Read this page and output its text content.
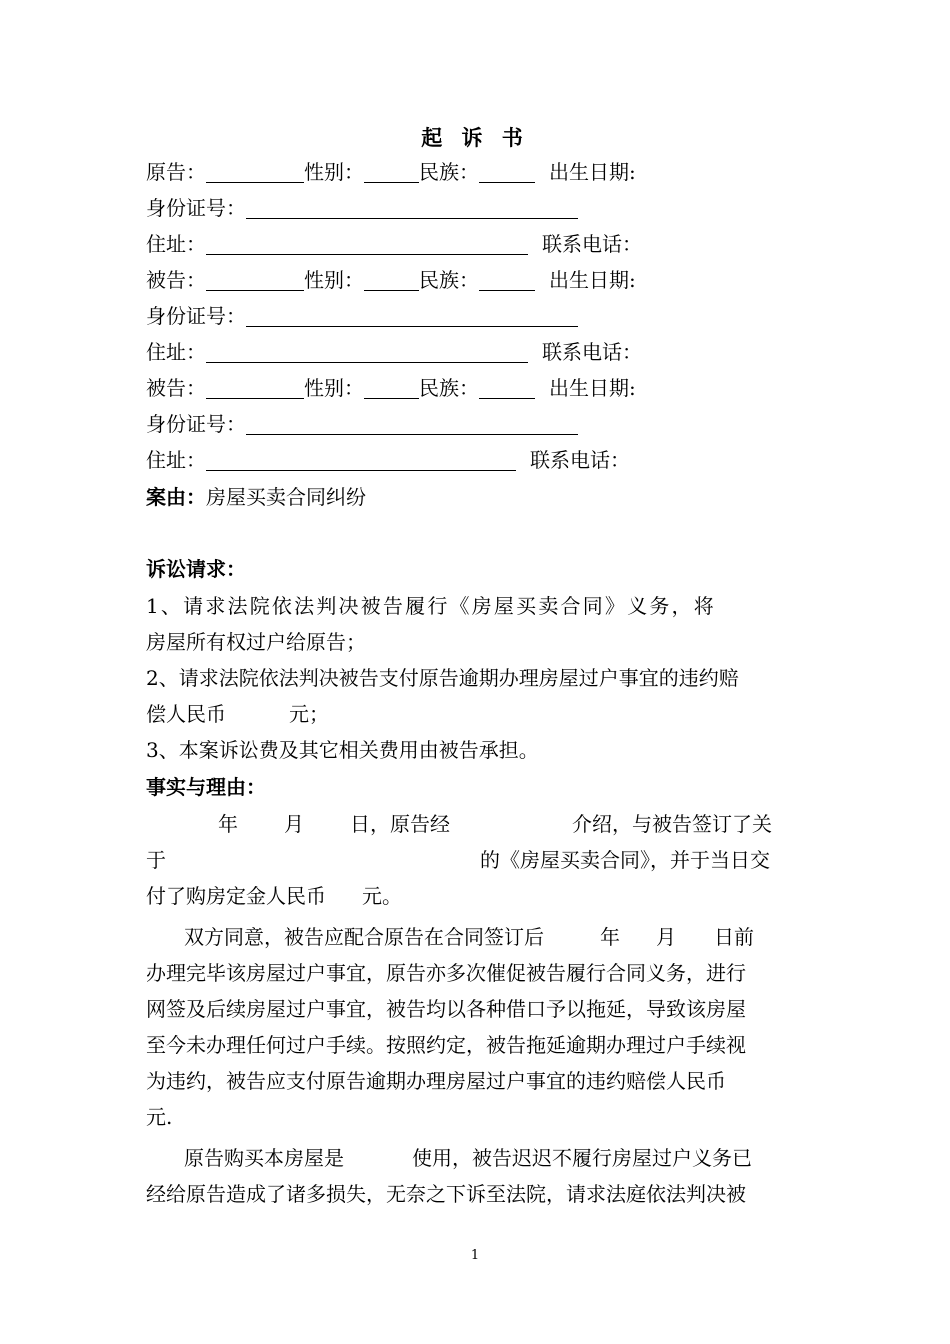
起 诉 书
原告：	性别：	民族：	出生日期:
身份证号：
住址：	联系电话：
被告：	性别：	民族：	出生日期:
身份证号：
住址：	联系电话：
被告：	性别：	民族：	出生日期:
身份证号：
住址：	联系电话：
案由：房屋买卖合同纠纷
诉讼请求：
1、请求法院依法判决被告履行《房屋买卖合同》义务，将
房屋所有权过户给原告；
2、请求法院依法判决被告支付原告逾期办理房屋过户事宜的违约赔
偿人民币	元；
3、本案诉讼费及其它相关费用由被告承担。
事实与理由：
年 月 日，原告经	介绍，与被告签订了关
于	的《房屋买卖合同》，并于当日交
付了购房定金人民币 元。
双方同意，被告应配合原告在合同签订后	年 月 日前
办理完毕该房屋过户事宜，原告亦多次催促被告履行合同义务，进行
网签及后续房屋过户事宜，被告均以各种借口予以拖延，导致该房屋
至今未办理任何过户手续。按照约定，被告拖延逾期办理过户手续视
为违约，被告应支付原告逾期办理房屋过户事宜的违约赔偿人民币
元.
原告购买本房屋是	使用，被告迟迟不履行房屋过户义务已
经给原告造成了诸多损失，无奈之下诉至法院，请求法庭依法判决被
1
